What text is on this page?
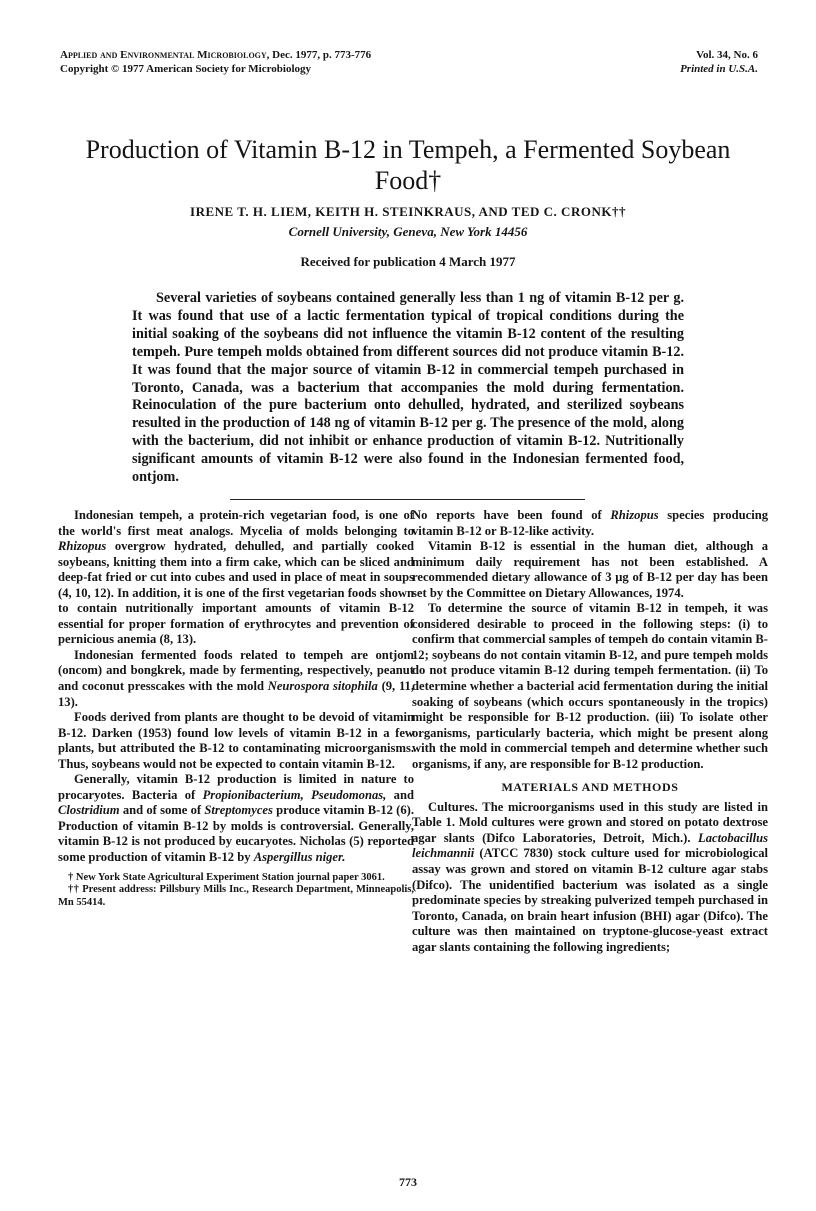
Applied and Environmental Microbiology, Dec. 1977, p. 773-776
Copyright © 1977 American Society for Microbiology
Vol. 34, No. 6
Printed in U.S.A.
Production of Vitamin B-12 in Tempeh, a Fermented Soybean
Food†
IRENE T. H. LIEM, KEITH H. STEINKRAUS, AND TED C. CRONK††
Cornell University, Geneva, New York 14456
Received for publication 4 March 1977

Several varieties of soybeans contained generally less than 1 ng of vitamin B-12 per g. It was found that use of a lactic fermentation typical of tropical conditions during the initial soaking of the soybeans did not influence the vitamin B-12 content of the resulting tempeh. Pure tempeh molds obtained from different sources did not produce vitamin B-12. It was found that the major source of vitamin B-12 in commercial tempeh purchased in Toronto, Canada, was a bacterium that accompanies the mold during fermentation. Reinoculation of the pure bacterium onto dehulled, hydrated, and sterilized soybeans resulted in the production of 148 ng of vitamin B-12 per g. The presence of the mold, along with the bacterium, did not inhibit or enhance production of vitamin B-12. Nutritionally significant amounts of vitamin B-12 were also found in the Indonesian fermented food, ontjom.

Indonesian tempeh, a protein-rich vegetarian food, is one of the world's first meat analogs. Mycelia of molds belonging to Rhizopus overgrow hydrated, dehulled, and partially cooked soybeans, knitting them into a firm cake, which can be sliced and deep-fat fried or cut into cubes and used in place of meat in soups (4, 10, 12). In addition, it is one of the first vegetarian foods shown to contain nutritionally important amounts of vitamin B-12 essential for proper formation of erythrocytes and prevention of pernicious anemia (8, 13).

Indonesian fermented foods related to tempeh are ontjom (oncom) and bongkrek, made by fermenting, respectively, peanut and coconut presscakes with the mold Neurospora sitophila (9, 11, 13).

Foods derived from plants are thought to be devoid of vitamin B-12. Darken (1953) found low levels of vitamin B-12 in a few plants, but attributed the B-12 to contaminating microorganisms. Thus, soybeans would not be expected to contain vitamin B-12.

Generally, vitamin B-12 production is limited in nature to procaryotes. Bacteria of Propionibacterium, Pseudomonas, and Clostridium and of some of Streptomyces produce vitamin B-12 (6). Production of vitamin B-12 by molds is controversial. Generally, vitamin B-12 is not produced by eucaryotes. Nicholas (5) reported some production of vitamin B-12 by Aspergillus niger.

† New York State Agricultural Experiment Station journal paper 3061.
†† Present address: Pillsbury Mills Inc., Research Department, Minneapolis, Mn 55414.

No reports have been found of Rhizopus species producing vitamin B-12 or B-12-like activity.

Vitamin B-12 is essential in the human diet, although a minimum daily requirement has not been established. A recommended dietary allowance of 3 μg of B-12 per day has been set by the Committee on Dietary Allowances, 1974.

To determine the source of vitamin B-12 in tempeh, it was considered desirable to proceed in the following steps: (i) to confirm that commercial samples of tempeh do contain vitamin B-12; soybeans do not contain vitamin B-12, and pure tempeh molds do not produce vitamin B-12 during tempeh fermentation. (ii) To determine whether a bacterial acid fermentation during the initial soaking of soybeans (which occurs spontaneously in the tropics) might be responsible for B-12 production. (iii) To isolate other organisms, particularly bacteria, which might be present along with the mold in commercial tempeh and determine whether such organisms, if any, are responsible for B-12 production.

MATERIALS AND METHODS

Cultures. The microorganisms used in this study are listed in Table 1. Mold cultures were grown and stored on potato dextrose agar slants (Difco Laboratories, Detroit, Mich.). Lactobacillus leichmannii (ATCC 7830) stock culture used for microbiological assay was grown and stored on vitamin B-12 culture agar stabs (Difco). The unidentified bacterium was isolated as a single predominate species by streaking pulverized tempeh purchased in Toronto, Canada, on brain heart infusion (BHI) agar (Difco). The culture was then maintained on tryptone-glucose-yeast extract agar slants containing the following ingredients;

773
